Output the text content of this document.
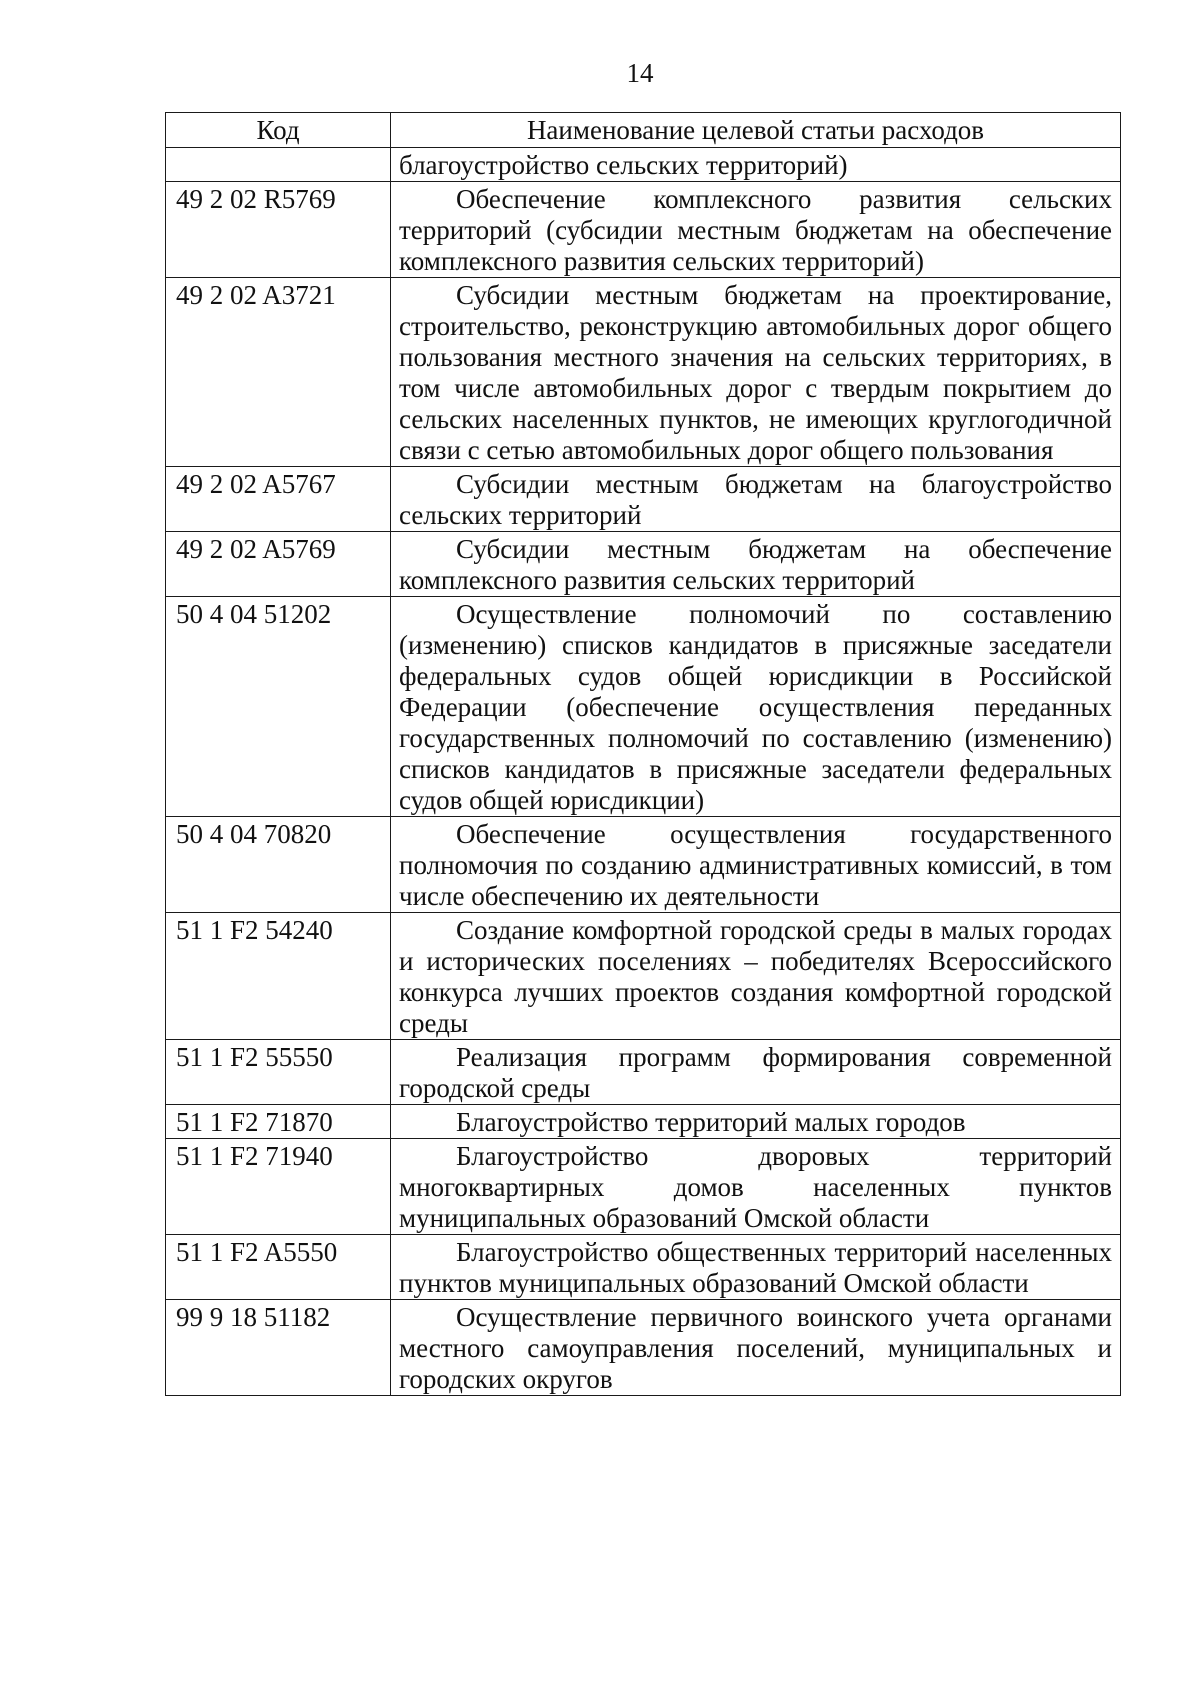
14
Код	Наименование целевой статьи расходов
	благоустройство сельских территорий)
49 2 02 R5769	Обеспечение комплексного развития сельских территорий (субсидии местным бюджетам на обеспечение комплексного развития сельских территорий)
49 2 02 A3721	Субсидии местным бюджетам на проектирование, строительство, реконструкцию автомобильных дорог общего пользования местного значения на сельских территориях, в том числе автомобильных дорог с твердым покрытием до сельских населенных пунктов, не имеющих круглогодичной связи с сетью автомобильных дорог общего пользования
49 2 02 A5767	Субсидии местным бюджетам на благоустройство сельских территорий
49 2 02 A5769	Субсидии местным бюджетам на обеспечение комплексного развития сельских территорий
50 4 04 51202	Осуществление полномочий по составлению (изменению) списков кандидатов в присяжные заседатели федеральных судов общей юрисдикции в Российской Федерации (обеспечение осуществления переданных государственных полномочий по составлению (изменению) списков кандидатов в присяжные заседатели федеральных судов общей юрисдикции)
50 4 04 70820	Обеспечение осуществления государственного полномочия по созданию административных комиссий, в том числе обеспечению их деятельности
51 1 F2 54240	Создание комфортной городской среды в малых городах и исторических поселениях – победителях Всероссийского конкурса лучших проектов создания комфортной городской среды
51 1 F2 55550	Реализация программ формирования современной городской среды
51 1 F2 71870	Благоустройство территорий малых городов
51 1 F2 71940	Благоустройство дворовых территорий многоквартирных домов населенных пунктов муниципальных образований Омской области
51 1 F2 A5550	Благоустройство общественных территорий населенных пунктов муниципальных образований Омской области
99 9 18 51182	Осуществление первичного воинского учета органами местного самоуправления поселений, муниципальных и городских округов
